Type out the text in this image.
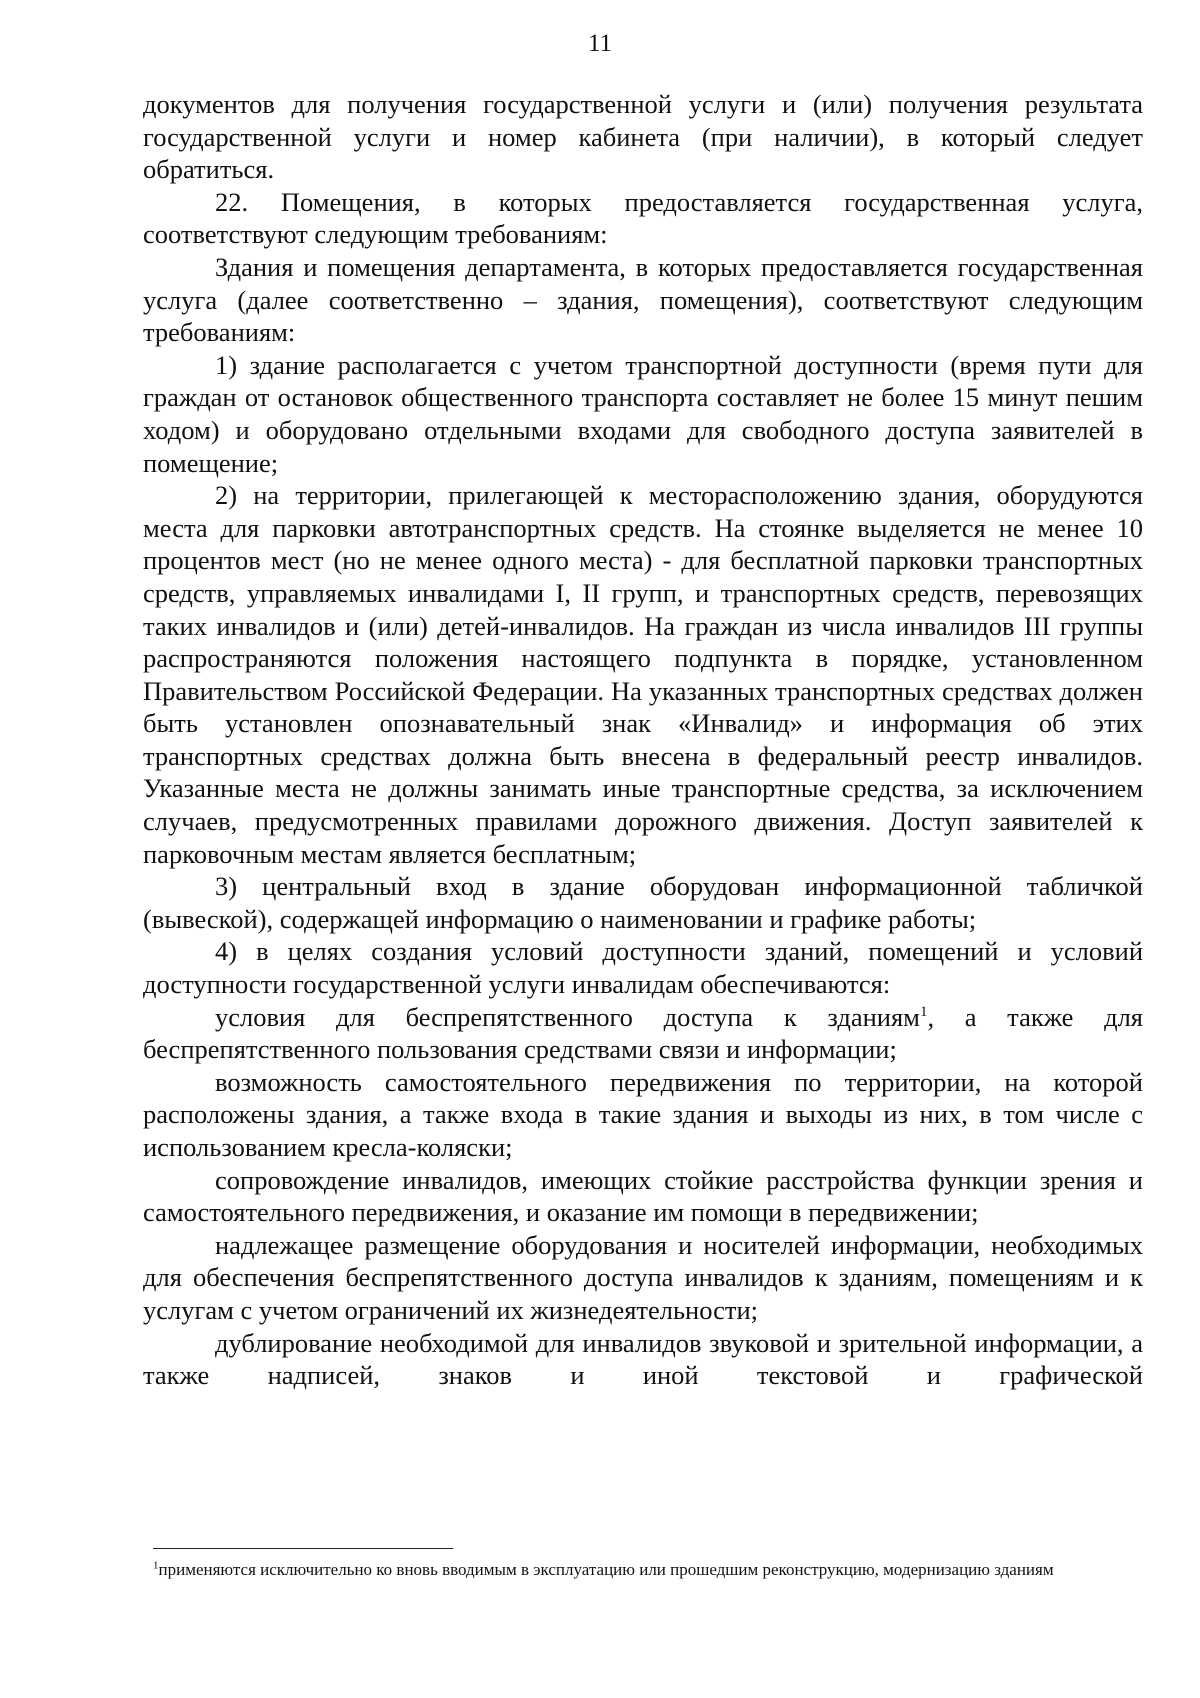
11

документов для получения государственной услуги и (или) получения результата государственной услуги и номер кабинета (при наличии), в который следует обратиться.

22. Помещения, в которых предоставляется государственная услуга, соответствуют следующим требованиям:

Здания и помещения департамента, в которых предоставляется государственная услуга (далее соответственно – здания, помещения), соответствуют следующим требованиям:

1) здание располагается с учетом транспортной доступности (время пути для граждан от остановок общественного транспорта составляет не более 15 минут пешим ходом) и оборудовано отдельными входами для свободного доступа заявителей в помещение;

2) на территории, прилегающей к месторасположению здания, оборудуются места для парковки автотранспортных средств. На стоянке выделяется не менее 10 процентов мест (но не менее одного места) - для бесплатной парковки транспортных средств, управляемых инвалидами I, II групп, и транспортных средств, перевозящих таких инвалидов и (или) детей-инвалидов. На граждан из числа инвалидов III группы распространяются положения настоящего подпункта в порядке, установленном Правительством Российской Федерации. На указанных транспортных средствах должен быть установлен опознавательный знак «Инвалид» и информация об этих транспортных средствах должна быть внесена в федеральный реестр инвалидов. Указанные места не должны занимать иные транспортные средства, за исключением случаев, предусмотренных правилами дорожного движения. Доступ заявителей к парковочным местам является бесплатным;

3) центральный вход в здание оборудован информационной табличкой (вывеской), содержащей информацию о наименовании и графике работы;

4) в целях создания условий доступности зданий, помещений и условий доступности государственной услуги инвалидам обеспечиваются:

условия для беспрепятственного доступа к зданиям$^1$, а также для беспрепятственного пользования средствами связи и информации;

возможность самостоятельного передвижения по территории, на которой расположены здания, а также входа в такие здания и выходы из них, в том числе с использованием кресла-коляски;

сопровождение инвалидов, имеющих стойкие расстройства функции зрения и самостоятельного передвижения, и оказание им помощи в передвижении;

надлежащее размещение оборудования и носителей информации, необходимых для обеспечения беспрепятственного доступа инвалидов к зданиям, помещениям и к услугам с учетом ограничений их жизнедеятельности;

дублирование необходимой для инвалидов звуковой и зрительной информации, а также надписей, знаков и иной текстовой и графической

$^1$применяются исключительно ко вновь вводимым в эксплуатацию или прошедшим реконструкцию, модернизацию зданиям
